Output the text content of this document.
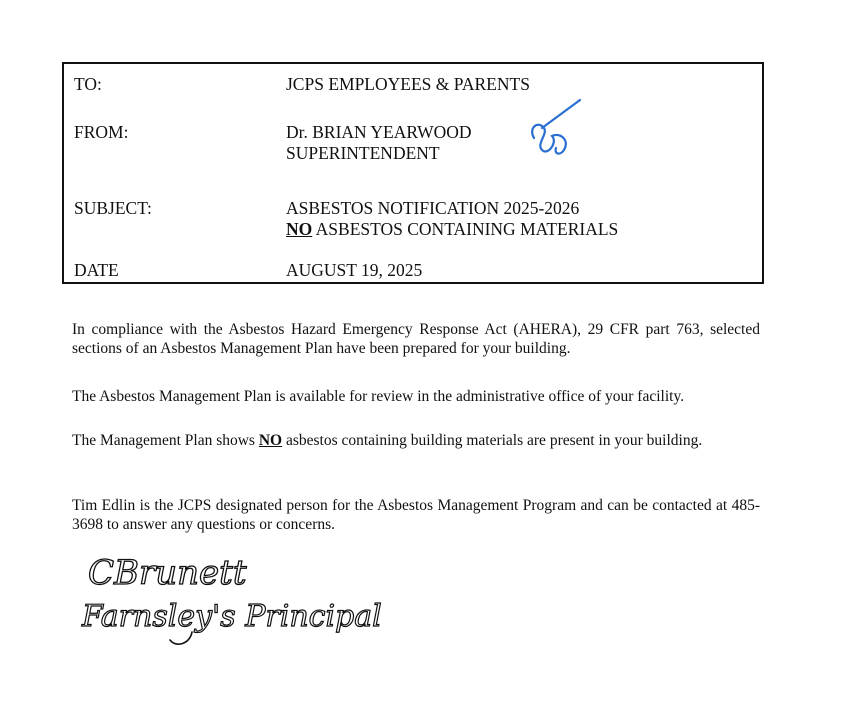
TO:	JCPS EMPLOYEES & PARENTS
FROM:	Dr. BRIAN YEARWOOD
SUPERINTENDENT
SUBJECT:	ASBESTOS NOTIFICATION 2025-2026
NO ASBESTOS CONTAINING MATERIALS
DATE	AUGUST 19, 2025
In compliance with the Asbestos Hazard Emergency Response Act (AHERA), 29 CFR part 763, selected sections of an Asbestos Management Plan have been prepared for your building.
The Asbestos Management Plan is available for review in the administrative office of your facility.
The Management Plan shows NO asbestos containing building materials are present in your building.
Tim Edlin is the JCPS designated person for the Asbestos Management Program and can be contacted at 485-3698 to answer any questions or concerns.
CBrunett
Farnsley's Principal
